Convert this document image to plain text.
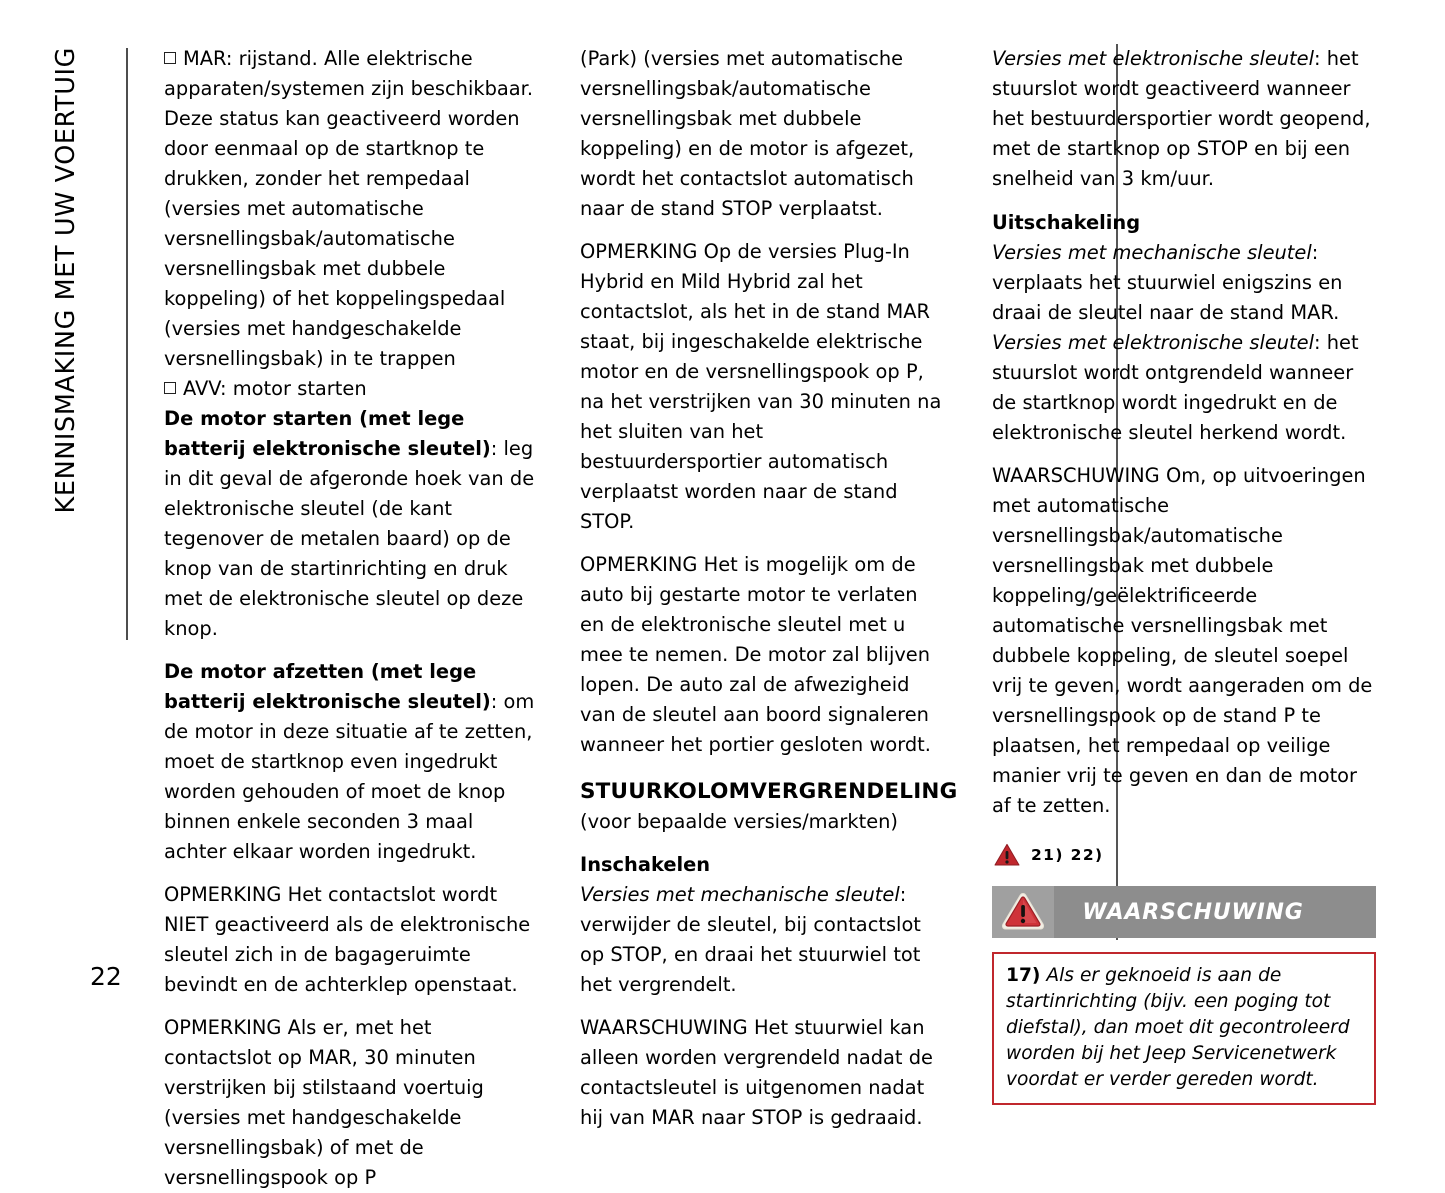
KENNISMAKING MET UW VOERTUIG	MAR: rijstand. Alle elektrische apparaten/systemen zijn beschikbaar. Deze status kan geactiveerd worden door eenmaal op de startknop te drukken, zonder het rempedaal (versies met automatische versnellingsbak/automatische versnellingsbak met dubbele koppeling) of het koppelingspedaal (versies met handgeschakelde versnellingsbak) in te trappen

AVV: motor starten

De motor starten (met lege batterij elektronische sleutel): leg in dit geval de afgeronde hoek van de elektronische sleutel (de kant tegenover de metalen baard) op de knop van de startinrichting en druk met de elektronische sleutel op deze knop.

De motor afzetten (met lege batterij elektronische sleutel): om de motor in deze situatie af te zetten, moet de startknop even ingedrukt worden gehouden of moet de knop binnen enkele seconden 3 maal achter elkaar worden ingedrukt.

OPMERKING Het contactslot wordt NIET geactiveerd als de elektronische sleutel zich in de bagageruimte bevindt en de achterklep openstaat.

OPMERKING Als er, met het contactslot op MAR, 30 minuten verstrijken bij stilstaand voertuig (versies met handgeschakelde versnellingsbak) of met de versnellingspook op P

(Park) (versies met automatische versnellingsbak/automatische versnellingsbak met dubbele koppeling) en de motor is afgezet, wordt het contactslot automatisch naar de stand STOP verplaatst.

OPMERKING Op de versies Plug-In Hybrid en Mild Hybrid zal het contactslot, als het in de stand MAR staat, bij ingeschakelde elektrische motor en de versnellingspook op P, na het verstrijken van 30 minuten na het sluiten van het bestuurdersportier automatisch verplaatst worden naar de stand STOP.

OPMERKING Het is mogelijk om de auto bij gestarte motor te verlaten en de elektronische sleutel met u mee te nemen. De motor zal blijven lopen. De auto zal de afwezigheid van de sleutel aan boord signaleren wanneer het portier gesloten wordt.

STUURKOLOMVERGRENDELING

(voor bepaalde versies/markten)

Inschakelen

Versies met mechanische sleutel: verwijder de sleutel, bij contactslot op STOP, en draai het stuurwiel tot het vergrendelt.

WAARSCHUWING Het stuurwiel kan alleen worden vergrendeld nadat de contactsleutel is uitgenomen nadat hij van MAR naar STOP is gedraaid.

Versies met elektronische sleutel: het stuurslot wordt geactiveerd wanneer het bestuurdersportier wordt geopend, met de startknop op STOP en bij een snelheid van 3 km/uur.

Uitschakeling

Versies met mechanische sleutel: verplaats het stuurwiel enigszins en draai de sleutel naar de stand MAR.

Versies met elektronische sleutel: het stuurslot wordt ontgrendeld wanneer de startknop wordt ingedrukt en de elektronische sleutel herkend wordt.

WAARSCHUWING Om, op uitvoeringen met automatische versnellingsbak/automatische versnellingsbak met dubbele koppeling/geëlektrificeerde automatische versnellingsbak met dubbele koppeling, de sleutel soepel vrij te geven, wordt aangeraden om de versnellingspook op de stand P te plaatsen, het rempedaal op veilige manier vrij te geven en dan de motor af te zetten.

21) 22)
WAARSCHUWING

17) Als er geknoeid is aan de startinrichting (bijv. een poging tot diefstal), dan moet dit gecontroleerd worden bij het Jeep Servicenetwerk voordat er verder gereden wordt.

22
